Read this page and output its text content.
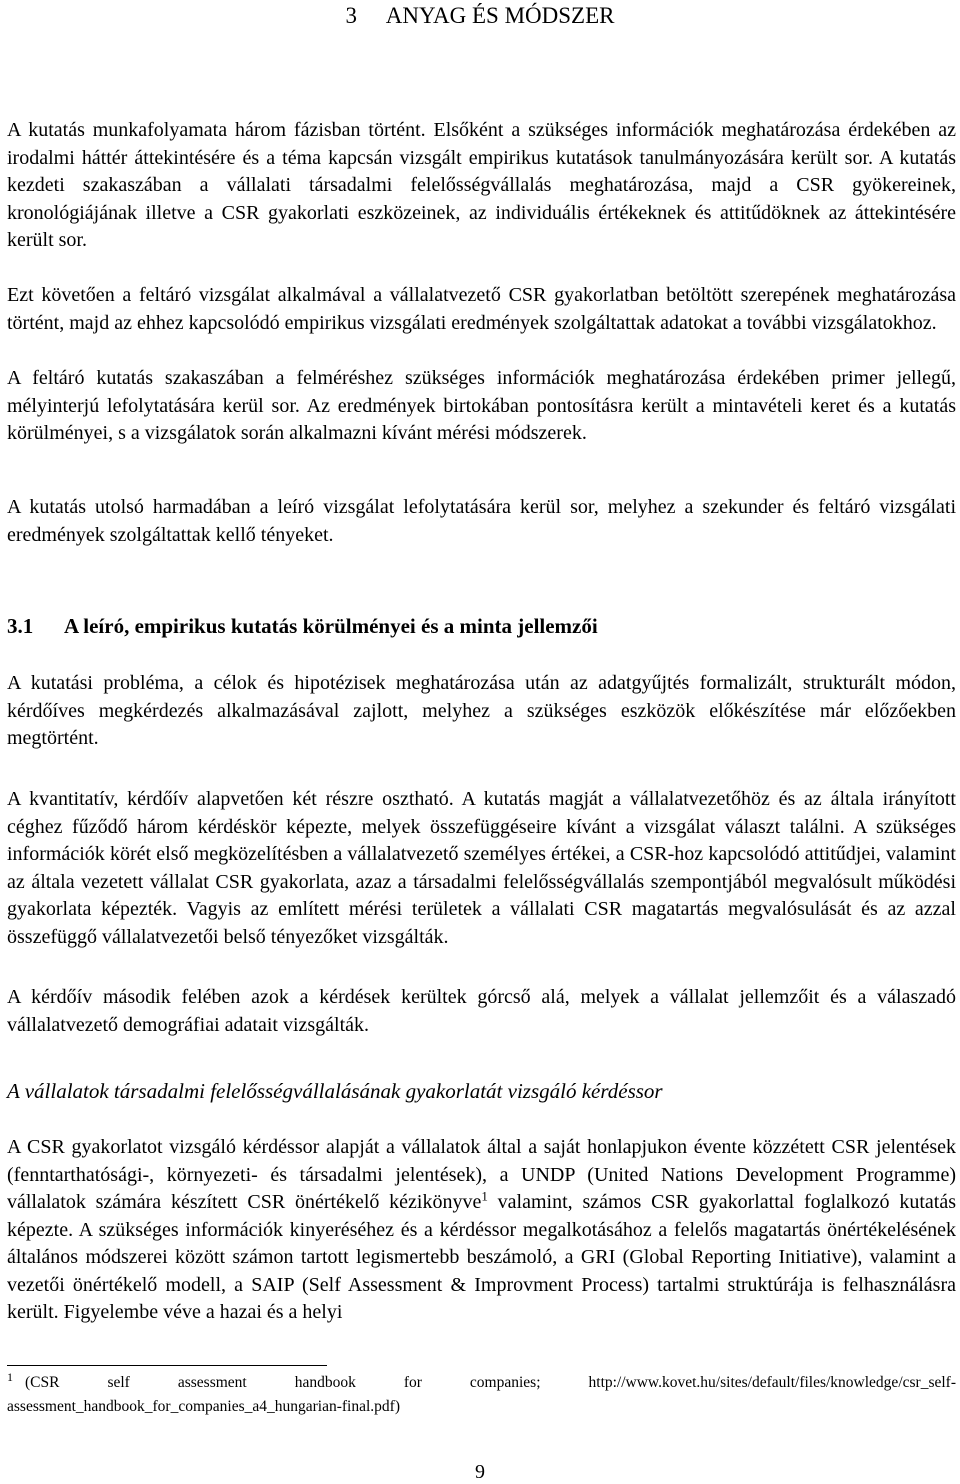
3     ANYAG ÉS MÓDSZER

A kutatás munkafolyamata három fázisban történt. Elsőként a szükséges információk meghatározása érdekében az irodalmi háttér áttekintésére és a téma kapcsán vizsgált empirikus kutatások tanulmányozására került sor. A kutatás kezdeti szakaszában a vállalati társadalmi felelősségvállalás meghatározása, majd a CSR gyökereinek, kronológiájának illetve a CSR gyakorlati eszközeinek, az individuális értékeknek és attitűdöknek az áttekintésére került sor.

Ezt követően a feltáró vizsgálat alkalmával a vállalatvezető CSR gyakorlatban betöltött szerepének meghatározása történt, majd az ehhez kapcsolódó empirikus vizsgálati eredmények szolgáltattak adatokat a további vizsgálatokhoz.

A feltáró kutatás szakaszában a felméréshez szükséges információk meghatározása érdekében primer jellegű, mélyinterjú lefolytatására kerül sor. Az eredmények birtokában pontosításra került a mintavételi keret és a kutatás körülményei, s a vizsgálatok során alkalmazni kívánt mérési módszerek.

A kutatás utolsó harmadában a leíró vizsgálat lefolytatására kerül sor, melyhez a szekunder és feltáró vizsgálati eredmények szolgáltattak kellő tényeket.

3.1 A leíró, empirikus kutatás körülményei és a minta jellemzői

A kutatási probléma, a célok és hipotézisek meghatározása után az adatgyűjtés formalizált, strukturált módon, kérdőíves megkérdezés alkalmazásával zajlott, melyhez a szükséges eszközök előkészítése már előzőekben megtörtént.

A kvantitatív, kérdőív alapvetően két részre osztható. A kutatás magját a vállalatvezetőhöz és az általa irányított céghez fűződő három kérdéskör képezte, melyek összefüggéseire kívánt a vizsgálat választ találni. A szükséges információk körét első megközelítésben a vállalatvezető személyes értékei, a CSR-hoz kapcsolódó attitűdjei, valamint az általa vezetett vállalat CSR gyakorlata, azaz a társadalmi felelősségvállalás szempontjából megvalósult működési gyakorlata képezték. Vagyis az említett mérési területek a vállalati CSR magatartás megvalósulását és az azzal összefüggő vállalatvezetői belső tényezőket vizsgálták.

A kérdőív második felében azok a kérdések kerültek górcső alá, melyek a vállalat jellemzőit és a válaszadó vállalatvezető demográfiai adatait vizsgálták.

A vállalatok társadalmi felelősségvállalásának gyakorlatát vizsgáló kérdéssor

A CSR gyakorlatot vizsgáló kérdéssor alapját a vállalatok által a saját honlapjukon évente közzétett CSR jelentések (fenntarthatósági-, környezeti- és társadalmi jelentések), a UNDP (United Nations Development Programme) vállalatok számára készített CSR önértékelő kézikönyve$^1$ valamint, számos CSR gyakorlattal foglalkozó kutatás képezte. A szükséges információk kinyeréséhez és a kérdéssor megalkotásához a felelős magatartás önértékelésének általános módszerei között számon tartott legismertebb beszámoló, a GRI (Global Reporting Initiative), valamint a vezetői önértékelő modell, a SAIP (Self Assessment & Improvment Process) tartalmi struktúrája is felhasználásra került. Figyelembe véve a hazai és a helyi

$^1$ (CSR self assessment handbook for companies; http://www.kovet.hu/sites/default/files/knowledge/csr_self-assessment_handbook_for_companies_a4_hungarian-final.pdf)
9
